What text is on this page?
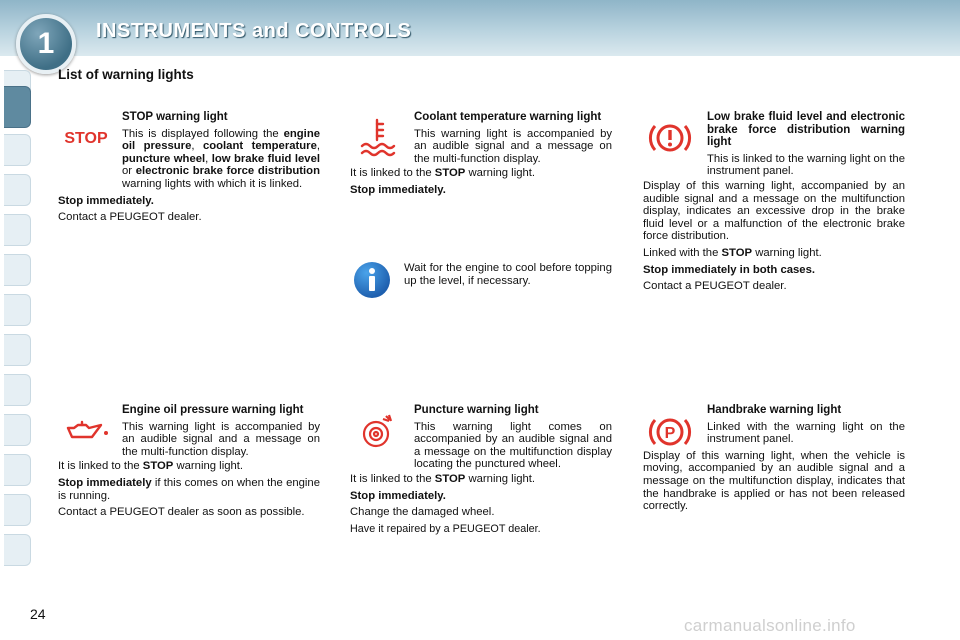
1	INSTRUMENTS and CONTROLS
List of warning lights
STOP
P

STOP warning light

This is displayed following the engine oil pressure, coolant temperature, puncture wheel, low brake fluid level or electronic brake force distribution warning lights with which it is linked.

Stop immediately.

Contact a PEUGEOT dealer.

Coolant temperature warning light

This warning light is accompanied by an audible signal and a message on the multi-function display.

It is linked to the STOP warning light.

Stop immediately.

Wait for the engine to cool before topping up the level, if necessary.

Low brake fluid level and electronic brake force distribution warning light

This is linked to the warning light on the instrument panel.

Display of this warning light, accompanied by an audible signal and a message on the multifunction display, indicates an excessive drop in the brake fluid level or a malfunction of the electronic brake force distribution.

Linked with the STOP warning light.

Stop immediately in both cases.

Contact a PEUGEOT dealer.

Engine oil pressure warning light

This warning light is accompanied by an audible signal and a message on the multi-function display.

It is linked to the STOP warning light.

Stop immediately if this comes on when the engine is running.

Contact a PEUGEOT dealer as soon as possible.

Puncture warning light

This warning light comes on accompanied by an audible signal and a message on the multifunction display locating the punctured wheel.

It is linked to the STOP warning light.

Stop immediately.

Change the damaged wheel.

Have it repaired by a PEUGEOT dealer.

Handbrake warning light

Linked with the warning light on the instrument panel.

Display of this warning light, when the vehicle is moving, accompanied by an audible signal and a message on the multifunction display, indicates that the handbrake is applied or has not been released correctly.

24
carmanualsonline.info
